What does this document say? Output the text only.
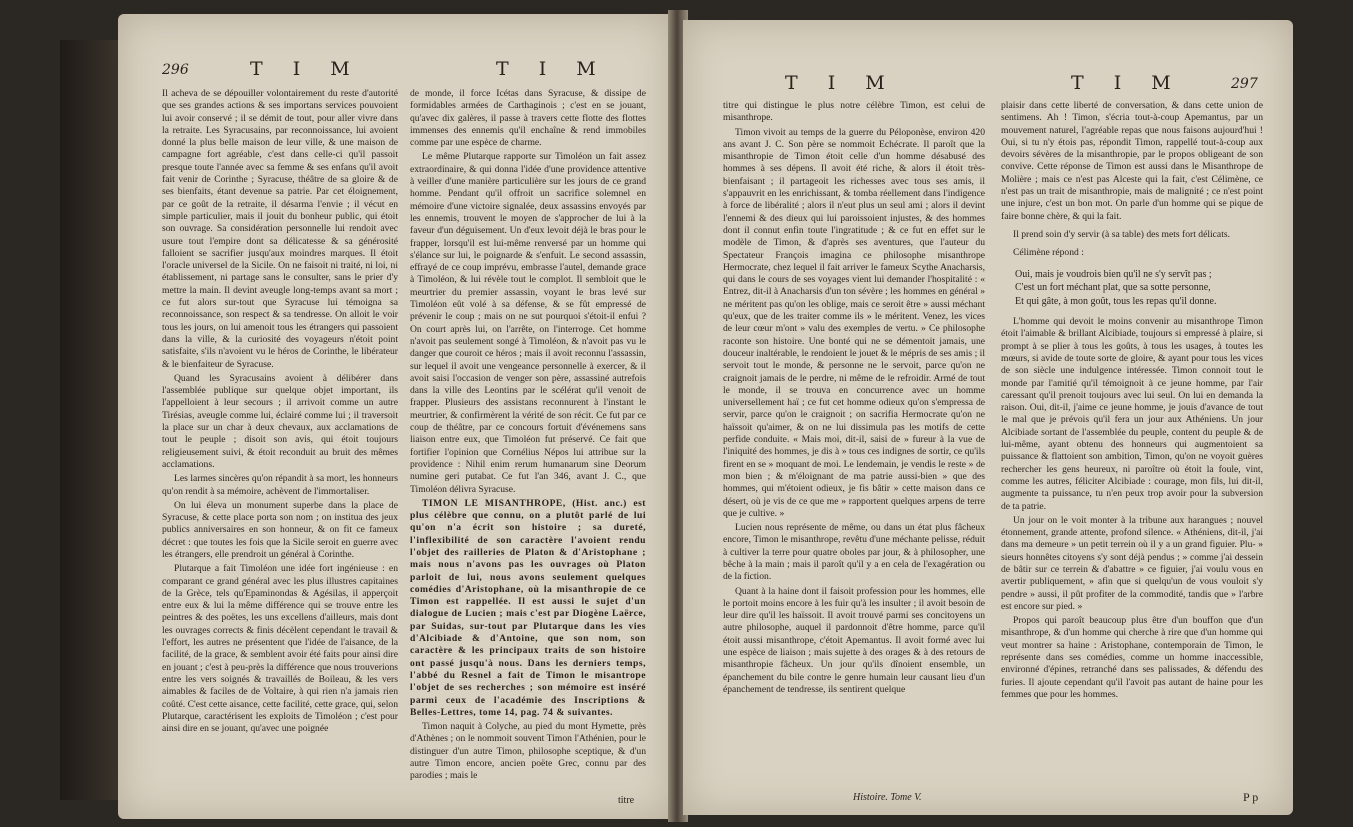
296	T I M	T I M

Il acheva de se dépouiller volontairement du reste d'autorité que ses grandes actions & ses importans services pouvoient lui avoir conservé ; il se démit de tout, pour aller vivre dans la retraite. Les Syracusains, par reconnoissance, lui avoient donné la plus belle maison de leur ville, & une maison de campagne fort agréable, c'est dans celle-ci qu'il passoit presque toute l'année avec sa femme & ses enfans qu'il avoit fait venir de Corinthe ; Syracuse, théâtre de sa gloire & de ses bienfaits, étant devenue sa patrie. Par cet éloignement, par ce goût de la retraite, il désarma l'envie ; il vécut en simple particulier, mais il jouit du bonheur public, qui étoit son ouvrage. Sa considération personnelle lui rendoit avec usure tout l'empire dont sa délicatesse & sa générosité falloient se sacrifier jusqu'aux moindres marques. Il étoit l'oracle universel de la Sicile. On ne faisoit ni traité, ni loi, ni établissement, ni partage sans le consulter, sans le prier d'y mettre la main. Il devint aveugle long-temps avant sa mort ; ce fut alors sur-tout que Syracuse lui témoigna sa reconnoissance, son respect & sa tendresse. On alloit le voir tous les jours, on lui amenoit tous les étrangers qui passoient dans la ville, & la curiosité des voyageurs n'étoit point satisfaite, s'ils n'avoient vu le héros de Corinthe, le libérateur & le bienfaiteur de Syracuse.

Quand les Syracusains avoient à délibérer dans l'assemblée publique sur quelque objet important, ils l'appelloient à leur secours ; il arrivoit comme un autre Tirésias, aveugle comme lui, éclairé comme lui ; il traversoit la place sur un char à deux chevaux, aux acclamations de tout le peuple ; disoit son avis, qui étoit toujours religieusement suivi, & étoit reconduit au bruit des mêmes acclamations.

Les larmes sincères qu'on répandit à sa mort, les honneurs qu'on rendit à sa mémoire, achèvent de l'immortaliser.

On lui éleva un monument superbe dans la place de Syracuse, & cette place porta son nom ; on institua des jeux publics anniversaires en son honneur, & on fit ce fameux décret : que toutes les fois que la Sicile seroit en guerre avec les étrangers, elle prendroit un général à Corinthe.

Plutarque a fait Timoléon une idée fort ingénieuse : en comparant ce grand général avec les plus illustres capitaines de la Grèce, tels qu'Epaminondas & Agésilas, il apperçoit entre eux & lui la même différence qui se trouve entre les peintres & des poëtes, les uns excellens d'ailleurs, mais dont les ouvrages corrects & finis décèlent cependant le travail & l'effort, les autres ne présentent que l'idée de l'aisance, de la facilité, de la grace, & semblent avoir été faits pour ainsi dire en jouant ; c'est à peu-près la différence que nous trouverions entre les vers soignés & travaillés de Boileau, & les vers aimables & faciles de de Voltaire, à qui rien n'a jamais rien coûté. C'est cette aisance, cette facilité, cette grace, qui, selon Plutarque, caractérisent les exploits de Timoléon ; c'est pour ainsi dire en se jouant, qu'avec une poignée

de monde, il force Icétas dans Syracuse, & dissipe de formidables armées de Carthaginois ; c'est en se jouant, qu'avec dix galères, il passe à travers cette flotte des flottes immenses des ennemis qu'il enchaîne & rend immobiles comme par une espèce de charme.

Le même Plutarque rapporte sur Timoléon un fait assez extraordinaire, & qui donna l'idée d'une providence attentive à veiller d'une manière particulière sur les jours de ce grand homme. Pendant qu'il offroit un sacrifice solemnel en mémoire d'une victoire signalée, deux assassins envoyés par les ennemis, trouvent le moyen de s'approcher de lui à la faveur d'un déguisement. Un d'eux levoit déjà le bras pour le frapper, lorsqu'il est lui-même renversé par un homme qui s'élance sur lui, le poignarde & s'enfuit. Le second assassin, effrayé de ce coup imprévu, embrasse l'autel, demande grace à Timoléon, & lui révèle tout le complot. Il sembloit que le meurtrier du premier assassin, voyant le bras levé sur Timoléon eût volé à sa défense, & se fût empressé de prévenir le coup ; mais on ne sut pourquoi s'étoit-il enfui ? On court après lui, on l'arrête, on l'interroge. Cet homme n'avoit pas seulement songé à Timoléon, & n'avoit pas vu le danger que couroit ce héros ; mais il avoit reconnu l'assassin, sur lequel il avoit une vengeance personnelle à exercer, & il avoit saisi l'occasion de venger son père, assassiné autrefois dans la ville des Leontins par le scélérat qu'il venoit de frapper. Plusieurs des assistans reconnurent à l'instant le meurtrier, & confirmèrent la vérité de son récit. Ce fut par ce coup de théâtre, par ce concours fortuit d'événemens sans liaison entre eux, que Timoléon fut préservé. Ce fait que fortifier l'opinion que Cornélius Népos lui attribue sur la providence : Nihil enim rerum humanarum sine Deorum numine geri putabat. Ce fut l'an 346, avant J. C., que Timoléon délivra Syracuse.

TIMON LE MISANTHROPE, (Hist. anc.) est plus célèbre que connu, on a plutôt parlé de lui qu'on n'a écrit son histoire ; sa dureté, l'inflexibilité de son caractère l'avoient rendu l'objet des railleries de Platon & d'Aristophane ; mais nous n'avons pas les ouvrages où Platon parloit de lui, nous avons seulement quelques comédies d'Aristophane, où la misanthropie de ce Timon est rappellée. Il est aussi le sujet d'un dialogue de Lucien ; mais c'est par Diogène Laërce, par Suidas, sur-tout par Plutarque dans les vies d'Alcibiade & d'Antoine, que son nom, son caractère & les principaux traits de son histoire ont passé jusqu'à nous. Dans les derniers temps, l'abbé du Resnel a fait de Timon le misantrope l'objet de ses recherches ; son mémoire est inséré parmi ceux de l'académie des Inscriptions & Belles-Lettres, tome 14, pag. 74 & suivantes.

Timon naquit à Colyche, au pied du mont Hymette, près d'Athènes ; on le nommoit souvent Timon l'Athénien, pour le distinguer d'un autre Timon, philosophe sceptique, & d'un autre Timon encore, ancien poëte Grec, connu par des parodies ; mais le

titre
T I M	T I M	297

titre qui distingue le plus notre célèbre Timon, est celui de misanthrope.

Timon vivoit au temps de la guerre du Péloponèse, environ 420 ans avant J. C. Son père se nommoit Echécrate. Il paroît que la misanthropie de Timon étoit celle d'un homme désabusé des hommes à ses dépens. Il avoit été riche, & alors il étoit très-bienfaisant ; il partageoit les richesses avec tous ses amis, il s'appauvrit en les enrichissant, & tomba réellement dans l'indigence à force de libéralité ; alors il n'eut plus un seul ami ; alors il devint l'ennemi & des dieux qui lui paroissoient injustes, & des hommes dont il connut enfin toute l'ingratitude ; & ce fut en effet sur le modèle de Timon, & d'après ses aventures, que l'auteur du Spectateur François imagina ce philosophe misanthrope Hermocrate, chez lequel il fait arriver le fameux Scythe Anacharsis, qui dans le cours de ses voyages vient lui demander l'hospitalité : « Entrez, dit-il à Anacharsis d'un ton sévère ; les hommes en général » ne méritent pas qu'on les oblige, mais ce seroit être » aussi méchant qu'eux, que de les traiter comme ils » le méritent. Venez, les vices de leur cœur m'ont » valu des exemples de vertu. » Ce philosophe raconte son histoire. Une bonté qui ne se démentoit jamais, une douceur inaltérable, le rendoient le jouet & le mépris de ses amis ; il servoit tout le monde, & personne ne le servoit, parce qu'on ne craignoit jamais de le perdre, ni même de le refroidir. Armé de tout le monde, il se trouva en concurrence avec un homme universellement haï ; ce fut cet homme odieux qu'on s'empressa de servir, parce qu'on le craignoit ; on sacrifia Hermocrate qu'on ne haïssoit qu'aimer, & on ne lui dissimula pas les motifs de cette perfide conduite. « Mais moi, dit-il, saisi de » fureur à la vue de l'iniquité des hommes, je dis à » tous ces indignes de sortir, ce qu'ils firent en se » moquant de moi. Le lendemain, je vendis le reste » de mon bien ; & m'éloignant de ma patrie aussi-bien » que des hommes, qui m'étoient odieux, je fis bâtir » cette maison dans ce désert, où je vis de ce que me » rapportent quelques arpens de terre que je cultive. »

Lucien nous représente de même, ou dans un état plus fâcheux encore, Timon le misanthrope, revêtu d'une méchante pelisse, réduit à cultiver la terre pour quatre oboles par jour, & à philosopher, une bêche à la main ; mais il paroît qu'il y a en cela de l'exagération ou de la fiction.

Quant à la haine dont il faisoit profession pour les hommes, elle le portoit moins encore à les fuir qu'à les insulter ; il avoit besoin de leur dire qu'il les haïssoit. Il avoit trouvé parmi ses concitoyens un autre philosophe, auquel il pardonnoit d'être homme, parce qu'il étoit aussi misanthrope, c'étoit Apemantus. Il avoit formé avec lui une espèce de liaison ; mais sujette à des orages & à des retours de misanthropie fâcheux. Un jour qu'ils dînoient ensemble, un épanchement du bile contre le genre humain leur causant lieu d'un épanchement de tendresse, ils sentirent quelque

plaisir dans cette liberté de conversation, & dans cette union de sentimens. Ah ! Timon, s'écria tout-à-coup Apemantus, par un mouvement naturel, l'agréable repas que nous faisons aujourd'hui ! Oui, si tu n'y étois pas, répondit Timon, rappellé tout-à-coup aux devoirs sévères de la misanthropie, par le propos obligeant de son convive. Cette réponse de Timon est aussi dans le Misanthrope de Molière ; mais ce n'est pas Alceste qui la fait, c'est Célimène, ce n'est pas un trait de misanthropie, mais de malignité ; ce n'est point une injure, c'est un bon mot. On parle d'un homme qui se pique de faire bonne chère, & qui la fait.

Il prend soin d'y servir (à sa table) des mets fort délicats.

Célimène répond :

Oui, mais je voudrois bien qu'il ne s'y servît pas ;
C'est un fort méchant plat, que sa sotte personne,
Et qui gâte, à mon goût, tous les repas qu'il donne.

L'homme qui devoit le moins convenir au misanthrope Timon étoit l'aimable & brillant Alcibiade, toujours si empressé à plaire, si prompt à se plier à tous les goûts, à tous les usages, à toutes les mœurs, si avide de toute sorte de gloire, & ayant pour tous les vices de son siècle une indulgence intéressée. Timon connoit tout le monde par l'amitié qu'il témoignoit à ce jeune homme, par l'air caressant qu'il prenoit toujours avec lui seul. On lui en demanda la raison. Oui, dit-il, j'aime ce jeune homme, je jouis d'avance de tout le mal que je prévois qu'il fera un jour aux Athéniens. Un jour Alcibiade sortant de l'assemblée du peuple, content du peuple & de lui-même, ayant obtenu des honneurs qui augmentoient sa puissance & flattoient son ambition, Timon, qu'on ne voyoit guères rechercher les gens heureux, ni paroître où étoit la foule, vint, comme les autres, féliciter Alcibiade : courage, mon fils, lui dit-il, augmente ta puissance, tu n'en peux trop avoir pour la subversion de ta patrie.

Un jour on le voit monter à la tribune aux harangues ; nouvel étonnement, grande attente, profond silence. « Athéniens, dit-il, j'ai dans ma demeure » un petit terrein où il y a un grand figuier. Plu- » sieurs honnêtes citoyens s'y sont déjà pendus ; » comme j'ai dessein de bâtir sur ce terrein & d'abattre » ce figuier, j'ai voulu vous en avertir publiquement, » afin que si quelqu'un de vous vouloit s'y pendre » aussi, il pût profiter de la commodité, tandis que » l'arbre est encore sur pied. »

Propos qui paroît beaucoup plus être d'un bouffon que d'un misanthrope, & d'un homme qui cherche à rire que d'un homme qui veut montrer sa haine : Aristophane, contemporain de Timon, le représente dans ses comédies, comme un homme inaccessible, environné d'épines, retranché dans ses palissades, & défendu des furies. Il ajoute cependant qu'il l'avoit pas autant de haine pour les femmes que pour les hommes.

Histoire. Tome V.	P p
